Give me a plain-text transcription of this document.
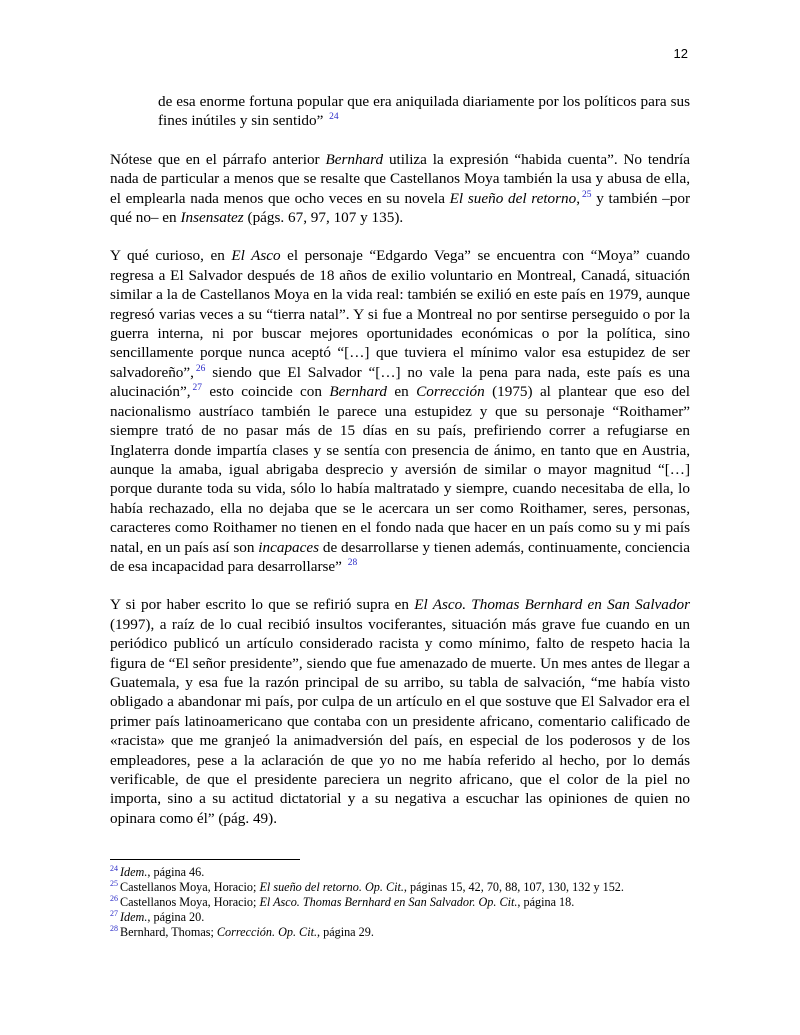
12

de esa enorme fortuna popular que era aniquilada diariamente por los políticos para sus fines inútiles y sin sentido” $^{24}$

Nótese que en el párrafo anterior Bernhard utiliza la expresión “habida cuenta”. No tendría nada de particular a menos que se resalte que Castellanos Moya también la usa y abusa de ella, el emplearla nada menos que ocho veces en su novela El sueño del retorno, $^{25}$ y también –por qué no– en Insensatez (págs. 67, 97, 107 y 135).

Y qué curioso, en El Asco el personaje “Edgardo Vega” se encuentra con “Moya” cuando regresa a El Salvador después de 18 años de exilio voluntario en Montreal, Canadá, situación similar a la de Castellanos Moya en la vida real: también se exilió en este país en 1979, aunque regresó varias veces a su “tierra natal”. Y si fue a Montreal no por sentirse perseguido o por la guerra interna, ni por buscar mejores oportunidades económicas o por la política, sino sencillamente porque nunca aceptó “[…] que tuviera el mínimo valor esa estupidez de ser salvadoreño”, $^{26}$ siendo que El Salvador “[…] no vale la pena para nada, este país es una alucinación”, $^{27}$ esto coincide con Bernhard en Corrección (1975) al plantear que eso del nacionalismo austríaco también le parece una estupidez y que su personaje “Roithamer” siempre trató de no pasar más de 15 días en su país, prefiriendo correr a refugiarse en Inglaterra donde impartía clases y se sentía con presencia de ánimo, en tanto que en Austria, aunque la amaba, igual abrigaba desprecio y aversión de similar o mayor magnitud “[…] porque durante toda su vida, sólo lo había maltratado y siempre, cuando necesitaba de ella, lo había rechazado, ella no dejaba que se le acercara un ser como Roithamer, seres, personas, caracteres como Roithamer no tienen en el fondo nada que hacer en un país como su y mi país natal, en un país así son incapaces de desarrollarse y tienen además, continuamente, conciencia de esa incapacidad para desarrollarse” $^{28}$

Y si por haber escrito lo que se refirió supra en El Asco. Thomas Bernhard en San Salvador (1997), a raíz de lo cual recibió insultos vociferantes, situación más grave fue cuando en un periódico publicó un artículo considerado racista y como mínimo, falto de respeto hacia la figura de “El señor presidente”, siendo que fue amenazado de muerte. Un mes antes de llegar a Guatemala, y esa fue la razón principal de su arribo, su tabla de salvación, “me había visto obligado a abandonar mi país, por culpa de un artículo en el que sostuve que El Salvador era el primer país latinoamericano que contaba con un presidente africano, comentario calificado de «racista» que me granjeó la animadversión del país, en especial de los poderosos y de los empleadores, pese a la aclaración de que yo no me había referido al hecho, por lo demás verificable, de que el presidente pareciera un negrito africano, que el color de la piel no importa, sino a su actitud dictatorial y a su negativa a escuchar las opiniones de quien no opinara como él” (pág. 49).

$^{24}$ Idem., página 46.
$^{25}$ Castellanos Moya, Horacio; El sueño del retorno. Op. Cit., páginas 15, 42, 70, 88, 107, 130, 132 y 152.
$^{26}$ Castellanos Moya, Horacio; El Asco. Thomas Bernhard en San Salvador. Op. Cit., página 18.
$^{27}$ Idem., página 20.
$^{28}$ Bernhard, Thomas; Corrección. Op. Cit., página 29.
